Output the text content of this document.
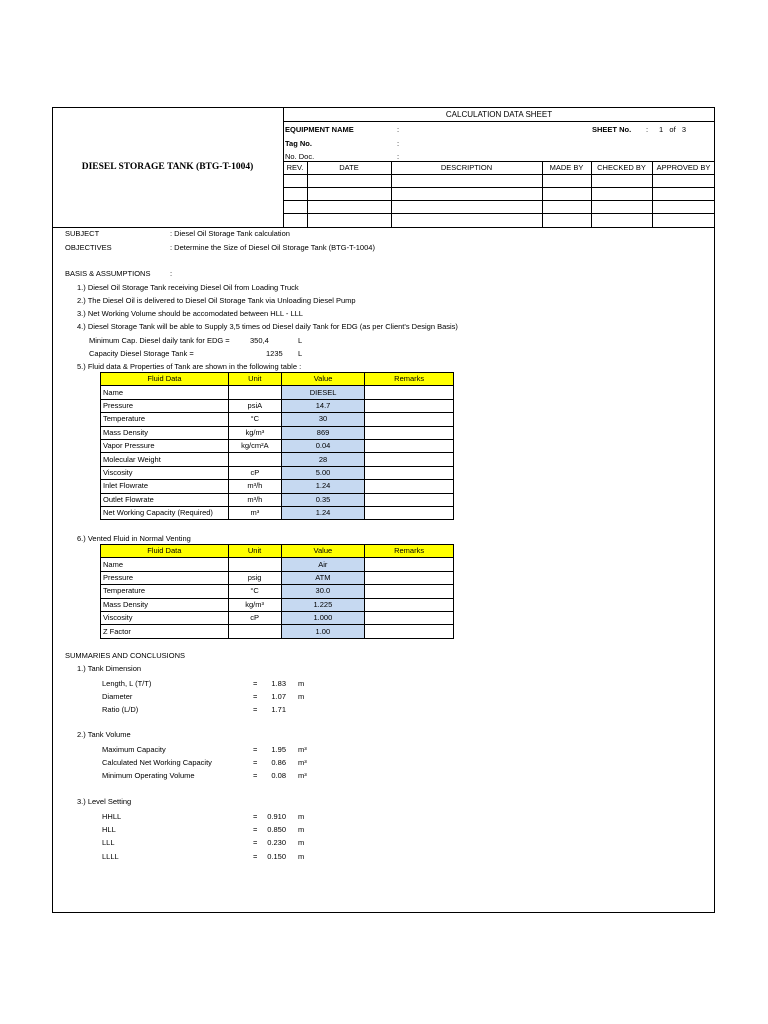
CALCULATION DATA SHEET
DIESEL STORAGE TANK (BTG-T-1004)
EQUIPMENT NAME	:
Tag No.	:
No. Doc.	:
SHEET No. : 1   of   3
REV.	DATE	DESCRIPTION	MADE BY	CHECKED BY	APPROVED BY
SUBJECT	: Diesel Oil Storage Tank calculation
OBJECTIVES	: Determine the Size of Diesel Oil Storage Tank (BTG-T-1004)
BASIS & ASSUMPTIONS	:
1.) Diesel Oil Storage Tank receiving Diesel Oil from Loading Truck
2.) The Diesel Oil is delivered to Diesel Oil Storage Tank via Unloading Diesel Pump
3.) Net Working Volume should be accomodated between HLL - LLL
4.) Diesel Storage Tank will be able to Supply 3,5 times od Diesel daily Tank for EDG (as per Client's Design Basis)
Minimum Cap. Diesel daily tank for EDG =	350,4	L
Capacity Diesel Storage Tank =	1235 L
5.) Fluid data & Properties of Tank are shown in the following table :
Fluid Data	Unit	Value	Remarks
Name		DIESEL	
Pressure	psiA	14.7	
Temperature	°C	30	
Mass Density	kg/m³	869	
Vapor Pressure	kg/cm²A	0.04	
Molecular Weight		28	
Viscosity	cP	5.00	
Inlet Flowrate	m³/h	1.24	
Outlet Flowrate	m³/h	0.35	
Net Working Capacity (Required)	m³	1.24	
6.) Vented Fluid in Normal Venting
Fluid Data	Unit	Value	Remarks
Name		Air	
Pressure	psig	ATM	
Temperature	°C	30.0	
Mass Density	kg/m³	1.225	
Viscosity	cP	1.000	
Z Factor		1.00	
SUMMARIES AND CONCLUSIONS
1.) Tank Dimension
Length, L (T/T)	=	1.83 m
Diameter	=	1.07 m
Ratio (L/D)	=	1.71
2.) Tank Volume
Maximum Capacity	=	1.95 m³
Calculated Net Working Capacity	=	0.86 m³
Minimum Operating Volume	=	0.08 m³
3.) Level Setting
HHLL	=	0.910 m
HLL	=	0.850 m
LLL	=	0.230 m
LLLL	=	0.150 m
